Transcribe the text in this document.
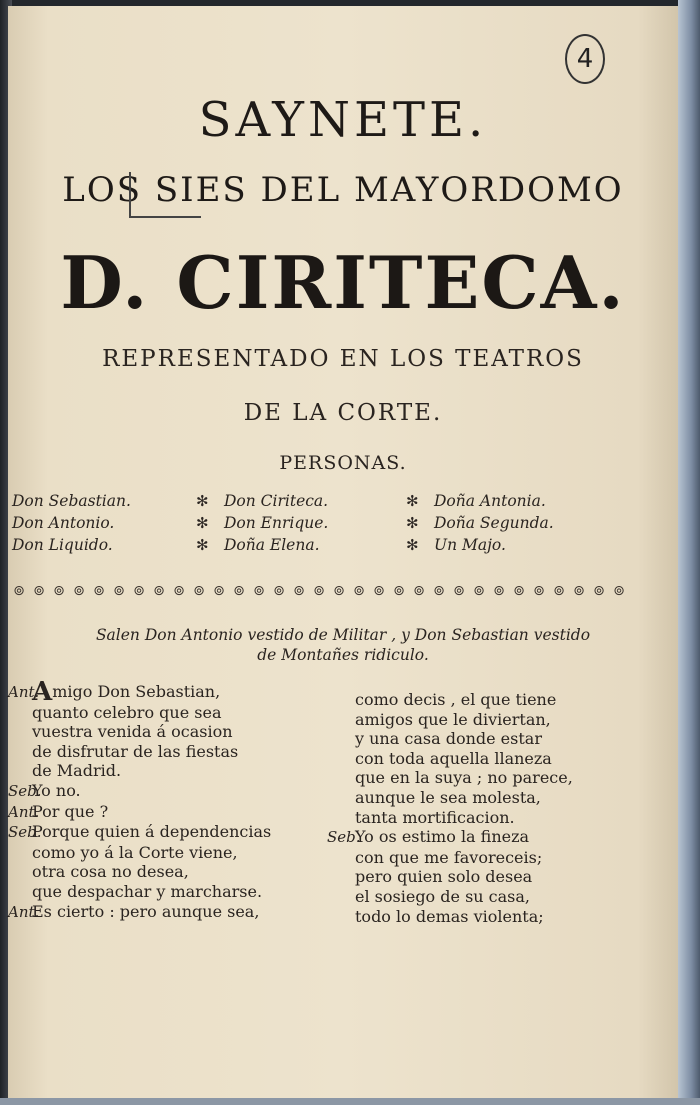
4
SAYNETE.
LOS SIES DEL MAYORDOMO
D. CIRITECA.
REPRESENTADO EN LOS TEATROS
DE LA CORTE.
PERSONAS.
Don Sebastian.
Don Antonio.
Don Liquido.
✻ Don Ciriteca.
✻ Don Enrique.
✻ Doña Elena.
✻ Doña Antonia.
✻ Doña Segunda.
✻ Un Majo.
⊚ ⊚ ⊚ ⊚ ⊚ ⊚ ⊚ ⊚ ⊚ ⊚ ⊚ ⊚ ⊚ ⊚ ⊚ ⊚ ⊚ ⊚ ⊚ ⊚ ⊚ ⊚ ⊚ ⊚ ⊚ ⊚ ⊚ ⊚ ⊚ ⊚ ⊚
Salen Don Antonio vestido de Militar , y Don Sebastian vestido
de Montañes ridiculo.
Ant.Amigo Don Sebastian,
quanto celebro que sea
vuestra venida á ocasion
de disfrutar de las fiestas
de Madrid.
Seb.Yo no.
Ant.Por que ?
Seb.Porque quien á dependencias
como yo á la Corte viene,
otra cosa no desea,
que despachar y marcharse.
Ant.Es cierto : pero aunque sea,
como decis , el que tiene
amigos que le diviertan,
y una casa donde estar
con toda aquella llaneza
que en la suya ; no parece,
aunque le sea molesta,
tanta mortificacion.
Seb.Yo os estimo la fineza
con que me favoreceis;
pero quien solo desea
el sosiego de su casa,
todo lo demas violenta;
